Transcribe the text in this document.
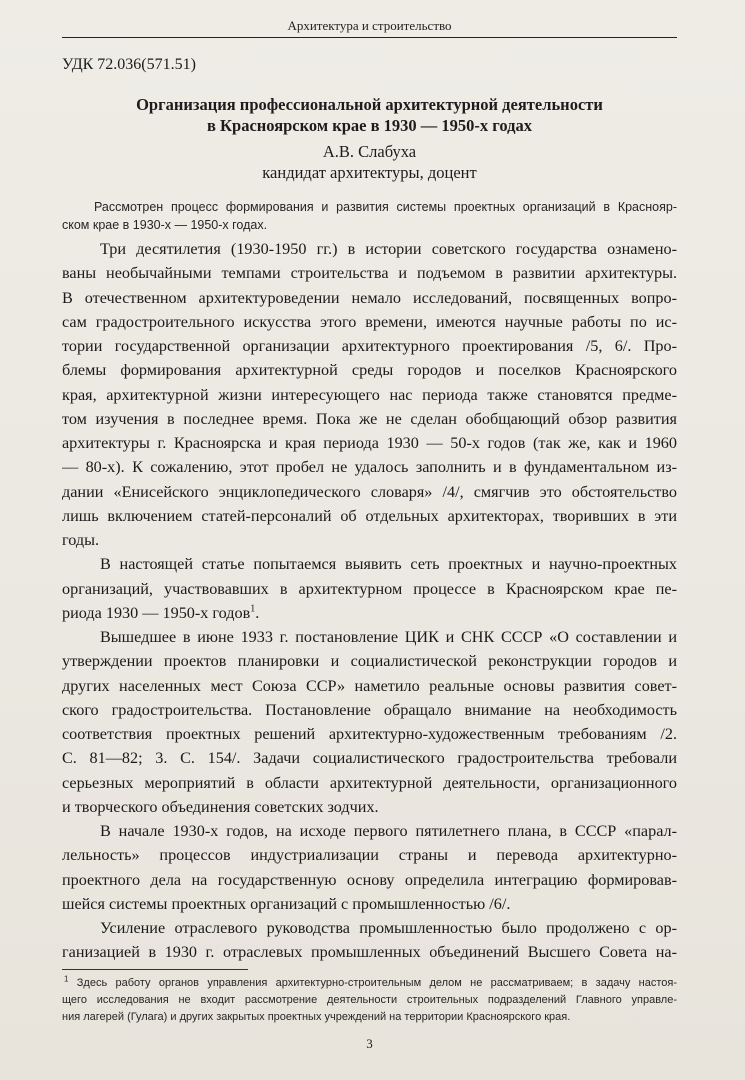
Архитектура и строительство
УДК 72.036(571.51)
Организация профессиональной архитектурной деятельности
в Красноярском крае в 1930 — 1950-х годах
А.В. Слабуха
кандидат архитектуры, доцент
Рассмотрен процесс формирования и развития системы проектных организаций в Краснояр-
ском крае в 1930-х — 1950-х годах.
Три десятилетия (1930-1950 гг.) в истории советского государства ознамено-
ваны необычайными темпами строительства и подъемом в развитии архитектуры.
В отечественном архитектуроведении немало исследований, посвященных вопро-
сам градостроительного искусства этого времени, имеются научные работы по ис-
тории государственной организации архитектурного проектирования /5, 6/. Про-
блемы формирования архитектурной среды городов и поселков Красноярского
края, архитектурной жизни интересующего нас периода также становятся предме-
том изучения в последнее время. Пока же не сделан обобщающий обзор развития
архитектуры г. Красноярска и края периода 1930 — 50-х годов (так же, как и 1960
— 80-х). К сожалению, этот пробел не удалось заполнить и в фундаментальном из-
дании «Енисейского энциклопедического словаря» /4/, смягчив это обстоятельство
лишь включением статей-персоналий об отдельных архитекторах, творивших в эти
годы.
В настоящей статье попытаемся выявить сеть проектных и научно-проектных
организаций, участвовавших в архитектурном процессе в Красноярском крае пе-
риода 1930 — 1950-х годов$^1$.
Вышедшее в июне 1933 г. постановление ЦИК и СНК СССР «О составлении и
утверждении проектов планировки и социалистической реконструкции городов и
других населенных мест Союза ССР» наметило реальные основы развития совет-
ского градостроительства. Постановление обращало внимание на необходимость
соответствия проектных решений архитектурно-художественным требованиям /2.
С. 81—82; 3. С. 154/. Задачи социалистического градостроительства требовали
серьезных мероприятий в области архитектурной деятельности, организационного
и творческого объединения советских зодчих.
В начале 1930-х годов, на исходе первого пятилетнего плана, в СССР «парал-
лельность» процессов индустриализации страны и перевода архитектурно-
проектного дела на государственную основу определила интеграцию формировав-
шейся системы проектных организаций с промышленностью /6/.
Усиление отраслевого руководства промышленностью было продолжено с ор-
ганизацией в 1930 г. отраслевых промышленных объединений Высшего Совета на-
$^1$ Здесь работу органов управления архитектурно-строительным делом не рассматриваем; в задачу настоя-
щего исследования не входит рассмотрение деятельности строительных подразделений Главного управле-
ния лагерей (Гулага) и других закрытых проектных учреждений на территории Красноярского края.
3
